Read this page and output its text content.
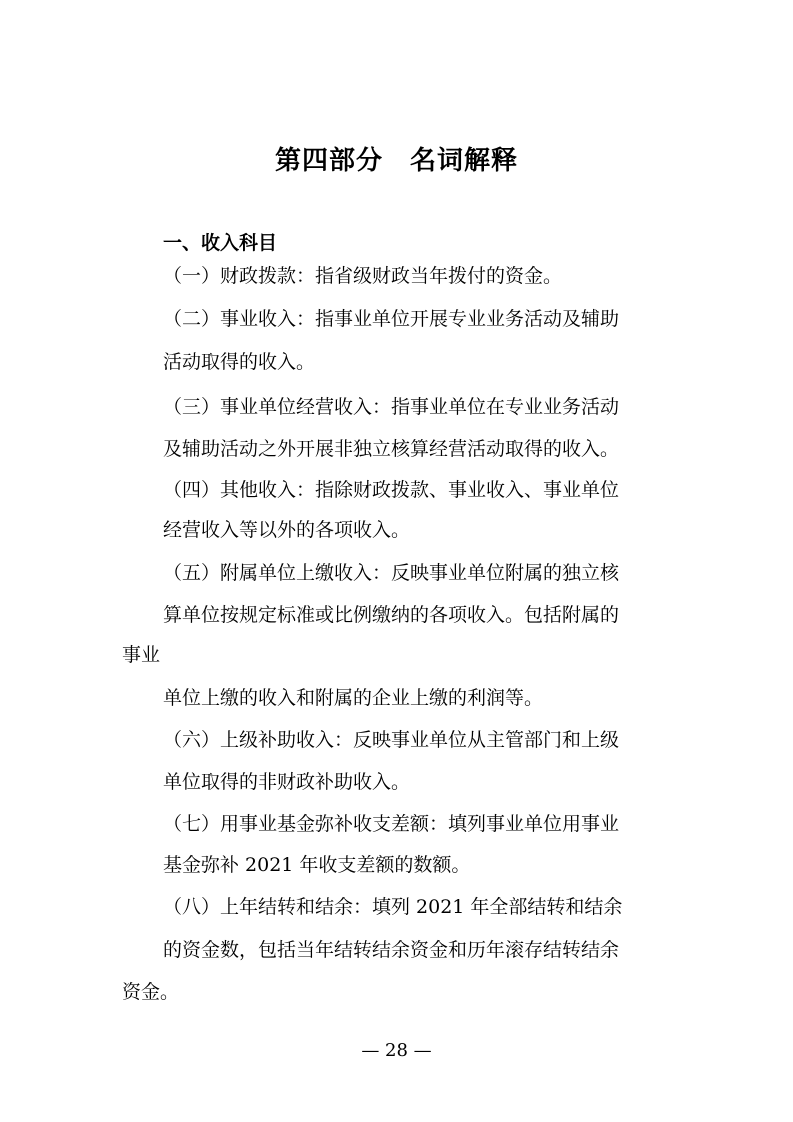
第四部分　名词解释
一、收入科目
（一）财政拨款：指省级财政当年拨付的资金。
（二）事业收入：指事业单位开展专业业务活动及辅助
活动取得的收入。
（三）事业单位经营收入：指事业单位在专业业务活动
及辅助活动之外开展非独立核算经营活动取得的收入。
（四）其他收入：指除财政拨款、事业收入、事业单位
经营收入等以外的各项收入。
（五）附属单位上缴收入：反映事业单位附属的独立核
算单位按规定标准或比例缴纳的各项收入。包括附属的
事业
单位上缴的收入和附属的企业上缴的利润等。
（六）上级补助收入：反映事业单位从主管部门和上级
单位取得的非财政补助收入。
（七）用事业基金弥补收支差额：填列事业单位用事业
基金弥补 2021 年收支差额的数额。
（八）上年结转和结余：填列 2021 年全部结转和结余
的资金数，包括当年结转结余资金和历年滚存结转结余
资金。
— 28 —
